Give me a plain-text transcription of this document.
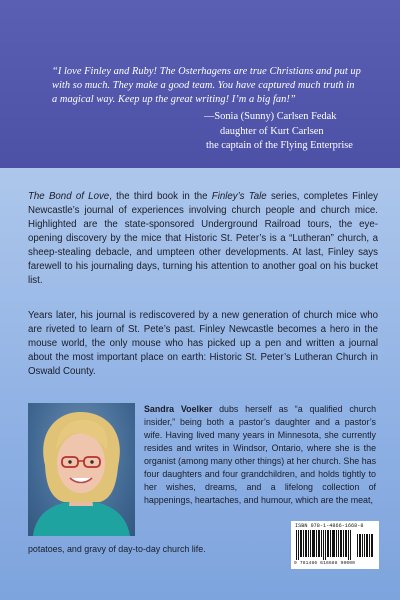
“I love Finley and Ruby! The Osterhagens are true Christians and put up with so much. They make a good team. You have captured much truth in a magical way. Keep up the great writing! I’m a big fan!”
—Sonia (Sunny) Carlsen Fedak
daughter of Kurt Carlsen
the captain of the Flying Enterprise
The Bond of Love, the third book in the Finley’s Tale series, completes Finley Newcastle’s journal of experiences involving church people and church mice. Highlighted are the state-sponsored Underground Railroad tours, the eye-opening discovery by the mice that Historic St. Peter’s is a “Lutheran” church, a sheep-stealing debacle, and umpteen other developments. At last, Finley says farewell to his journaling days, turning his attention to another goal on his bucket list.
Years later, his journal is rediscovered by a new generation of church mice who are riveted to learn of St. Pete’s past. Finley Newcastle becomes a hero in the mouse world, the only mouse who has picked up a pen and written a journal about the most important place on earth: Historic St. Peter’s Lutheran Church in Oswald County.
Sandra Voelker dubs herself as “a qualified church insider,” being both a pastor’s daughter and a pastor’s wife. Having lived many years in Minnesota, she currently resides and writes in Windsor, Ontario, where she is the organist (among many other things) at her church. She has four daughters and four grandchildren, and holds tightly to her wishes, dreams, and a lifelong collection of happenings, heartaches, and humour, which are the meat,
potatoes, and gravy of day-to-day church life.
ISBN 978-1-4866-1668-8
9 781486 616688 90000
